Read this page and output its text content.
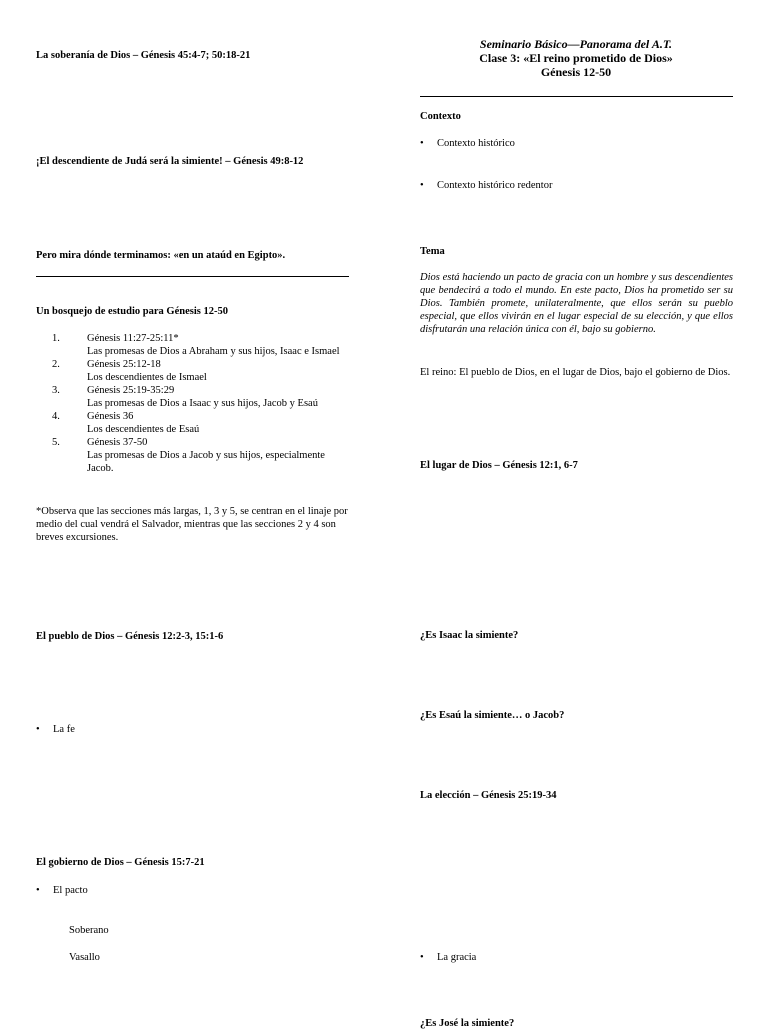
Seminario Básico—Panorama del A.T.
Clase 3: «El reino prometido de Dios»
Génesis 12-50
La soberanía de Dios – Génesis 45:4-7; 50:18-21
¡El descendiente de Judá será la simiente! – Génesis 49:8-12
Pero mira dónde terminamos: «en un ataúd en Egipto».
Un bosquejo de estudio para Génesis 12-50
1.	Génesis 11:27-25:11*
Las promesas de Dios a Abraham y sus hijos, Isaac e Ismael
2.	Génesis 25:12-18
Los descendientes de Ismael
3.	Génesis 25:19-35:29
Las promesas de Dios a Isaac y sus hijos, Jacob y Esaú
4.	Génesis 36
Los descendientes de Esaú
5.	Génesis 37-50
Las promesas de Dios a Jacob y sus hijos, especialmente Jacob.
*Observa que las secciones más largas, 1, 3 y 5, se centran en el linaje por medio del cual vendrá el Salvador, mientras que las secciones 2 y 4 son breves excursiones.
El pueblo de Dios – Génesis 12:2-3, 15:1-6
• La fe
El gobierno de Dios – Génesis 15:7-21
• El pacto
Soberano
Vasallo
Contexto
• Contexto histórico
• Contexto histórico redentor
Tema
Dios está haciendo un pacto de gracia con un hombre y sus descendientes que bendecirá a todo el mundo. En este pacto, Dios ha prometido ser su Dios. También promete, unilateralmente, que ellos serán su pueblo especial, que ellos vivirán en el lugar especial de su elección, y que ellos disfrutarán una relación única con él, bajo su gobierno.
El reino: El pueblo de Dios, en el lugar de Dios, bajo el gobierno de Dios.
El lugar de Dios – Génesis 12:1, 6-7
¿Es Isaac la simiente?
¿Es Esaú la simiente… o Jacob?
La elección – Génesis 25:19-34
• La gracia
¿Es José la simiente?
